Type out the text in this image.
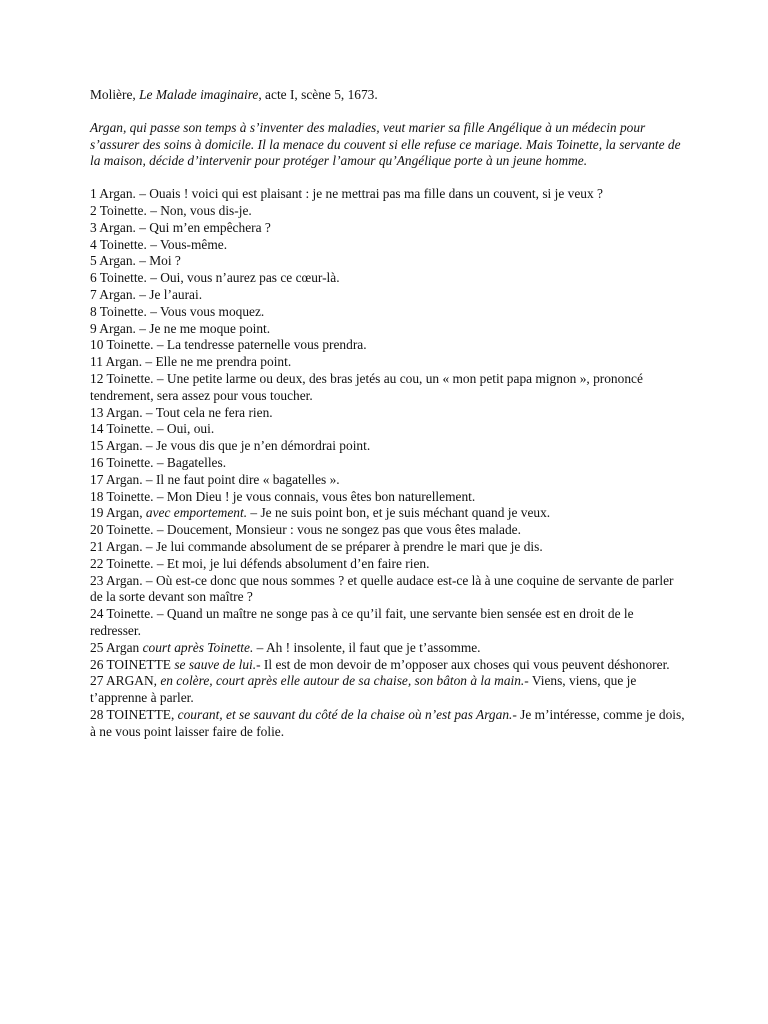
Molière, Le Malade imaginaire, acte I, scène 5, 1673.

Argan, qui passe son temps à s’inventer des maladies, veut marier sa fille Angélique à un médecin pour s’assurer des soins à domicile. Il la menace du couvent si elle refuse ce mariage. Mais Toinette, la servante de la maison, décide d’intervenir pour protéger l’amour qu’Angélique porte à un jeune homme.

1 Argan. – Ouais ! voici qui est plaisant : je ne mettrai pas ma fille dans un couvent, si je veux ?
2 Toinette. – Non, vous dis-je.
3 Argan. – Qui m’en empêchera ?
4 Toinette. – Vous-même.
5 Argan. – Moi ?
6 Toinette. – Oui, vous n’aurez pas ce cœur-là.
7 Argan. – Je l’aurai.
8 Toinette. – Vous vous moquez.
9 Argan. – Je ne me moque point.
10 Toinette. – La tendresse paternelle vous prendra.
11 Argan. – Elle ne me prendra point.
12 Toinette. – Une petite larme ou deux, des bras jetés au cou, un « mon petit papa mignon », prononcé tendrement, sera assez pour vous toucher.
13 Argan. – Tout cela ne fera rien.
14 Toinette. – Oui, oui.
15 Argan. – Je vous dis que je n’en démordrai point.
16 Toinette. – Bagatelles.
17 Argan. – Il ne faut point dire « bagatelles ».
18 Toinette. – Mon Dieu ! je vous connais, vous êtes bon naturellement.
19 Argan, avec emportement. – Je ne suis point bon, et je suis méchant quand je veux.
20 Toinette. – Doucement, Monsieur : vous ne songez pas que vous êtes malade.
21 Argan. – Je lui commande absolument de se préparer à prendre le mari que je dis.
22 Toinette. – Et moi, je lui défends absolument d’en faire rien.
23 Argan. – Où est-ce donc que nous sommes ? et quelle audace est-ce là à une coquine de servante de parler de la sorte devant son maître ?
24 Toinette. – Quand un maître ne songe pas à ce qu’il fait, une servante bien sensée est en droit de le redresser.
25 Argan court après Toinette. – Ah ! insolente, il faut que je t’assomme.
26 TOINETTE se sauve de lui.- Il est de mon devoir de m’opposer aux choses qui vous peuvent déshonorer.
27 ARGAN, en colère, court après elle autour de sa chaise, son bâton à la main.- Viens, viens, que je t’apprenne à parler.
28 TOINETTE, courant, et se sauvant du côté de la chaise où n’est pas Argan.- Je m’intéresse, comme je dois, à ne vous point laisser faire de folie.
